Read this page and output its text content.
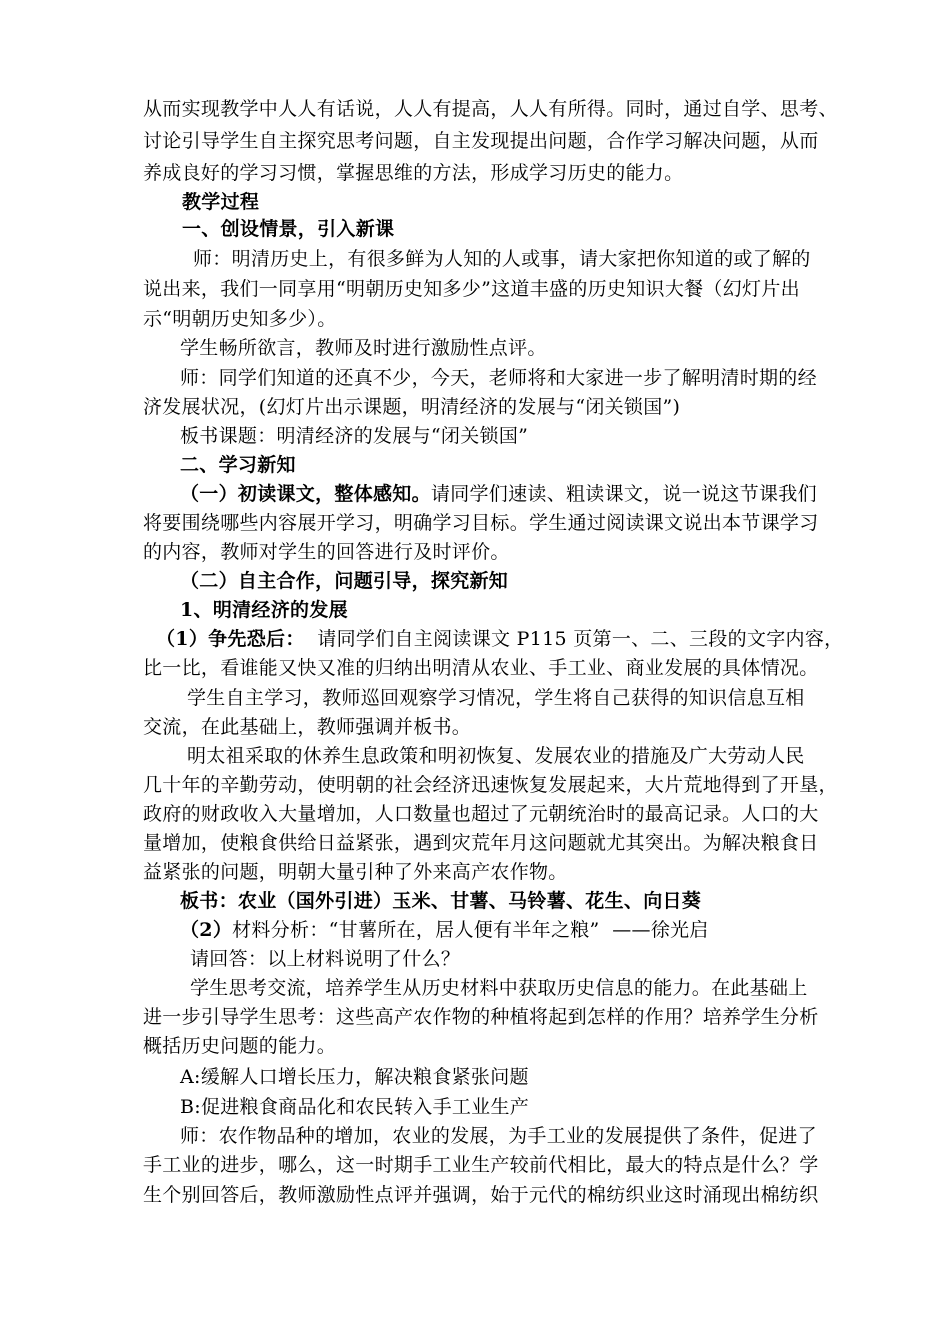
从而实现教学中人人有话说，人人有提高，人人有所得。同时，通过自学、思考、
讨论引导学生自主探究思考问题，自主发现提出问题，合作学习解决问题，从而
养成良好的学习习惯，掌握思维的方法，形成学习历史的能力。
教学过程
一、创设情景，引入新课
师：明清历史上，有很多鲜为人知的人或事，请大家把你知道的或了解的
说出来，我们一同享用“明朝历史知多少”这道丰盛的历史知识大餐（幻灯片出
示“明朝历史知多少）。
学生畅所欲言，教师及时进行激励性点评。
师：同学们知道的还真不少，今天，老师将和大家进一步了解明清时期的经
济发展状况，(幻灯片出示课题，明清经济的发展与“闭关锁国”)
板书课题：明清经济的发展与“闭关锁国”
二、学习新知
（一）初读课文，整体感知。请同学们速读、粗读课文，说一说这节课我们
将要围绕哪些内容展开学习，明确学习目标。学生通过阅读课文说出本节课学习
的内容，教师对学生的回答进行及时评价。
（二）自主合作，问题引导，探究新知
1、明清经济的发展
（1）争先恐后：  请同学们自主阅读课文 P115 页第一、二、三段的文字内容，
比一比，看谁能又快又准的归纳出明清从农业、手工业、商业发展的具体情况。
学生自主学习，教师巡回观察学习情况，学生将自己获得的知识信息互相
交流，在此基础上，教师强调并板书。
明太祖采取的休养生息政策和明初恢复、发展农业的措施及广大劳动人民
几十年的辛勤劳动，使明朝的社会经济迅速恢复发展起来，大片荒地得到了开垦，
政府的财政收入大量增加，人口数量也超过了元朝统治时的最高记录。人口的大
量增加，使粮食供给日益紧张，遇到灾荒年月这问题就尤其突出。为解决粮食日
益紧张的问题，明朝大量引种了外来高产农作物。
板书：农业（国外引进）玉米、甘薯、马铃薯、花生、向日葵
（2）材料分析：“甘薯所在，居人便有半年之粮”  ——徐光启
请回答：以上材料说明了什么？
学生思考交流，培养学生从历史材料中获取历史信息的能力。在此基础上
进一步引导学生思考：这些高产农作物的种植将起到怎样的作用？培养学生分析
概括历史问题的能力。
A:缓解人口增长压力，解决粮食紧张问题
B:促进粮食商品化和农民转入手工业生产
师：农作物品种的增加，农业的发展，为手工业的发展提供了条件，促进了
手工业的进步，哪么，这一时期手工业生产较前代相比，最大的特点是什么？学
生个别回答后，教师激励性点评并强调，始于元代的棉纺织业这时涌现出棉纺织
